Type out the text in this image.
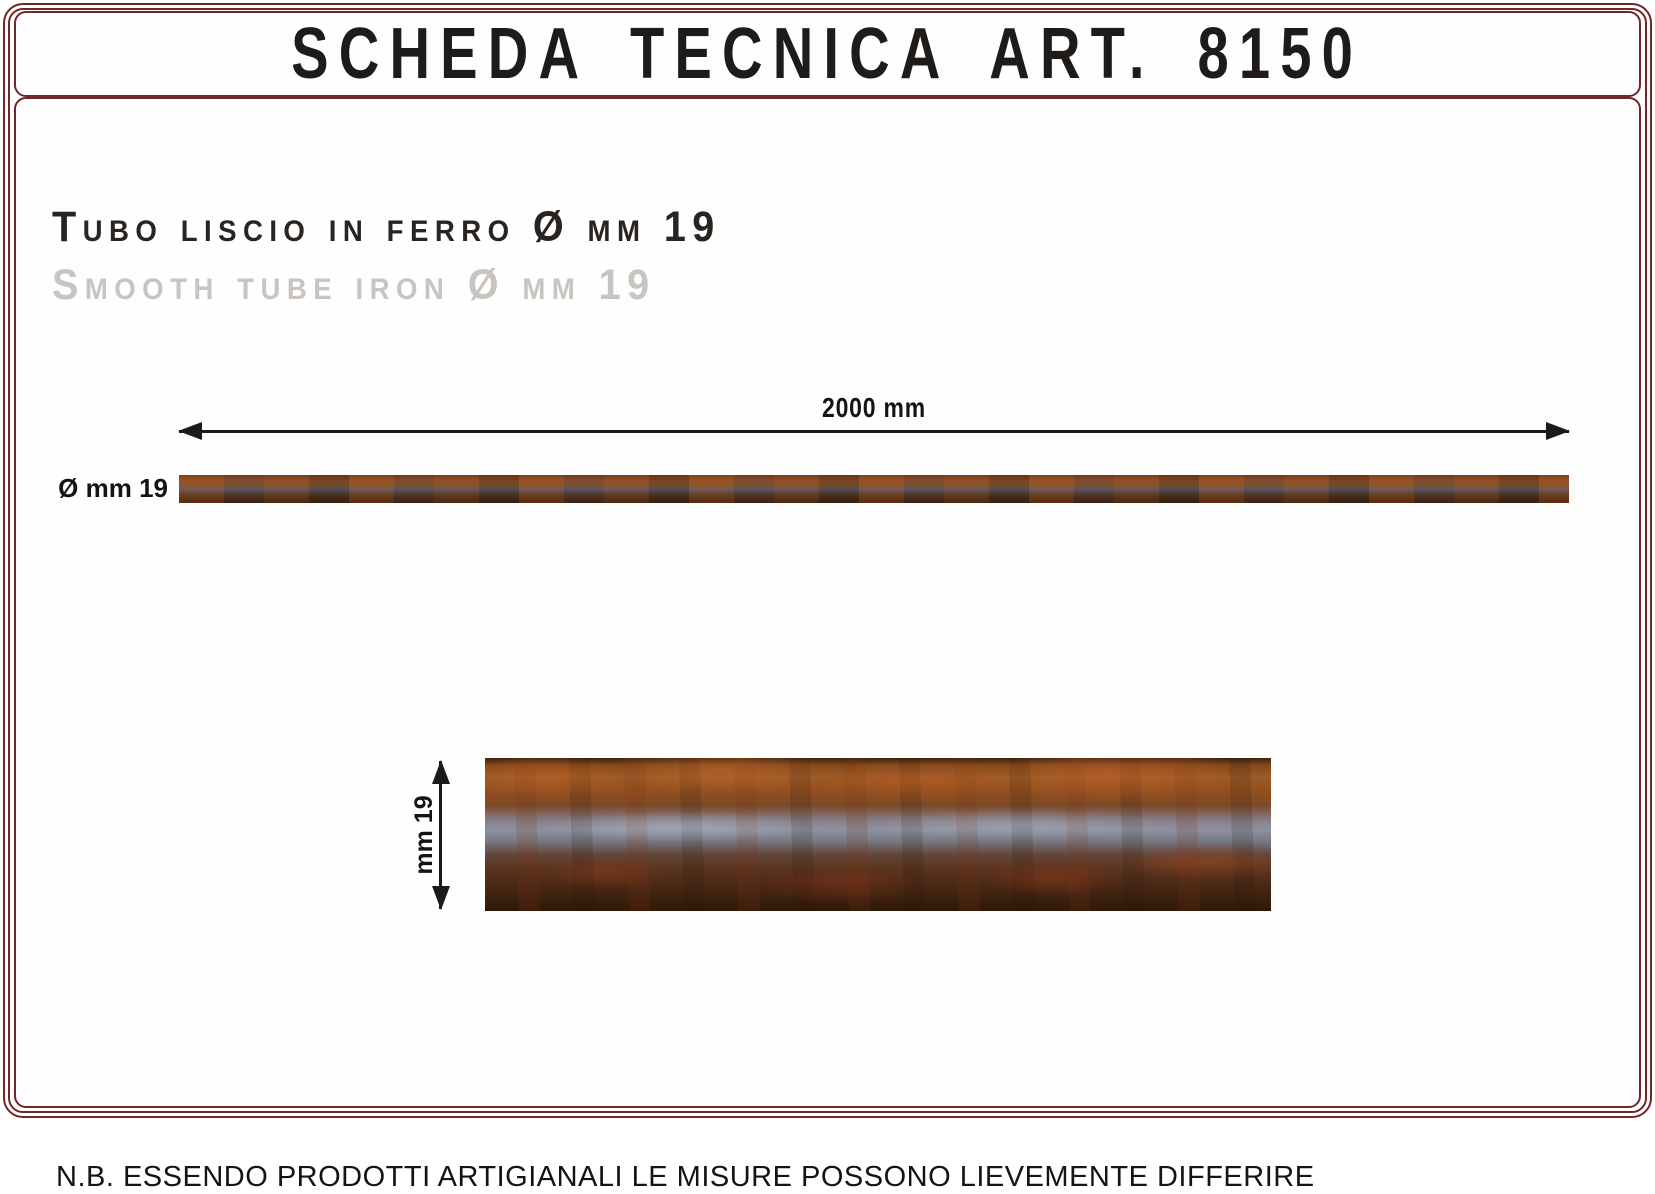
SCHEDA TECNICA ART. 8150
Tubo liscio in ferro Ø mm 19
Smooth tube iron Ø mm 19
2000 mm
Ø mm 19
mm 19
N.B. ESSENDO PRODOTTI ARTIGIANALI LE MISURE POSSONO LIEVEMENTE DIFFERIRE
